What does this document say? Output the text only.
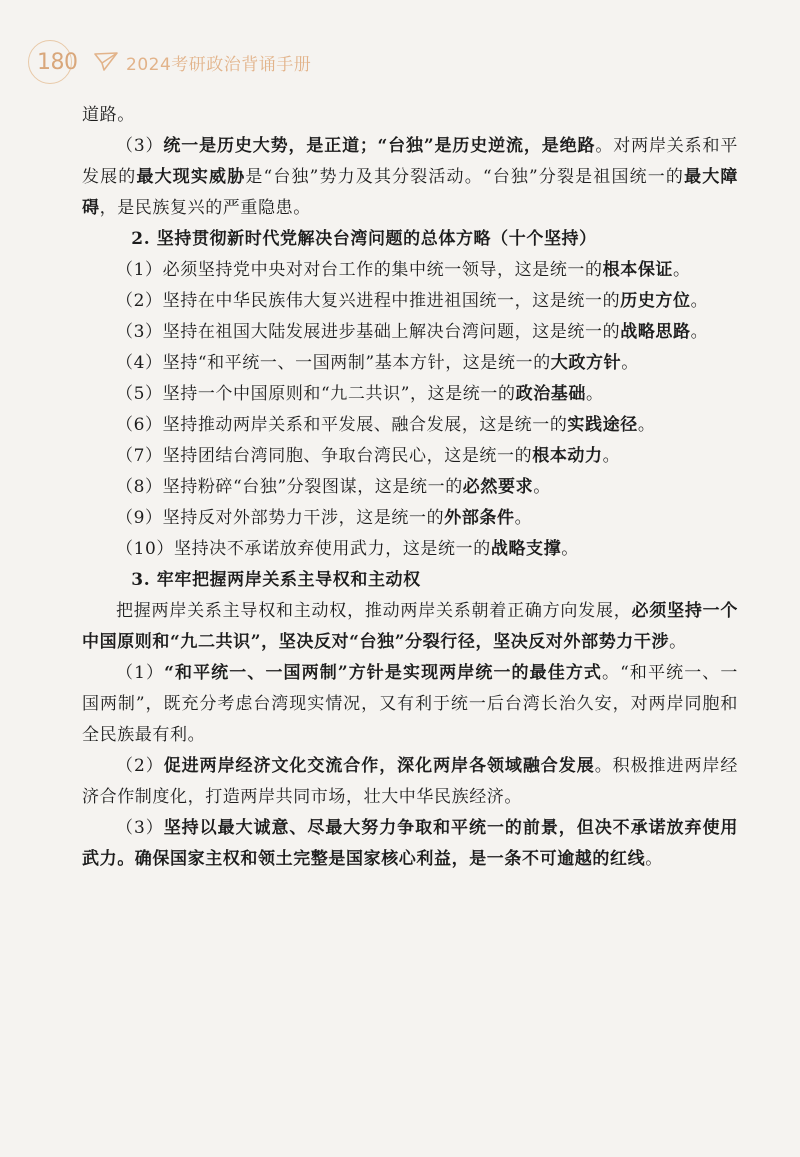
180	2024考研政治背诵手册

道路。

（3）统一是历史大势，是正道；“台独”是历史逆流，是绝路。对两岸关系和平发展的最大现实威胁是“台独”势力及其分裂活动。“台独”分裂是祖国统一的最大障碍，是民族复兴的严重隐患。

2. 坚持贯彻新时代党解决台湾问题的总体方略（十个坚持）

（1）必须坚持党中央对对台工作的集中统一领导，这是统一的根本保证。

（2）坚持在中华民族伟大复兴进程中推进祖国统一，这是统一的历史方位。

（3）坚持在祖国大陆发展进步基础上解决台湾问题，这是统一的战略思路。

（4）坚持“和平统一、一国两制”基本方针，这是统一的大政方针。

（5）坚持一个中国原则和“九二共识”，这是统一的政治基础。

（6）坚持推动两岸关系和平发展、融合发展，这是统一的实践途径。

（7）坚持团结台湾同胞、争取台湾民心，这是统一的根本动力。

（8）坚持粉碎“台独”分裂图谋，这是统一的必然要求。

（9）坚持反对外部势力干涉，这是统一的外部条件。

（10）坚持决不承诺放弃使用武力，这是统一的战略支撑。

3. 牢牢把握两岸关系主导权和主动权

把握两岸关系主导权和主动权，推动两岸关系朝着正确方向发展，必须坚持一个中国原则和“九二共识”，坚决反对“台独”分裂行径，坚决反对外部势力干涉。

（1）“和平统一、一国两制”方针是实现两岸统一的最佳方式。“和平统一、一国两制”，既充分考虑台湾现实情况，又有利于统一后台湾长治久安，对两岸同胞和全民族最有利。

（2）促进两岸经济文化交流合作，深化两岸各领域融合发展。积极推进两岸经济合作制度化，打造两岸共同市场，壮大中华民族经济。

（3）坚持以最大诚意、尽最大努力争取和平统一的前景，但决不承诺放弃使用武力。确保国家主权和领土完整是国家核心利益，是一条不可逾越的红线。
